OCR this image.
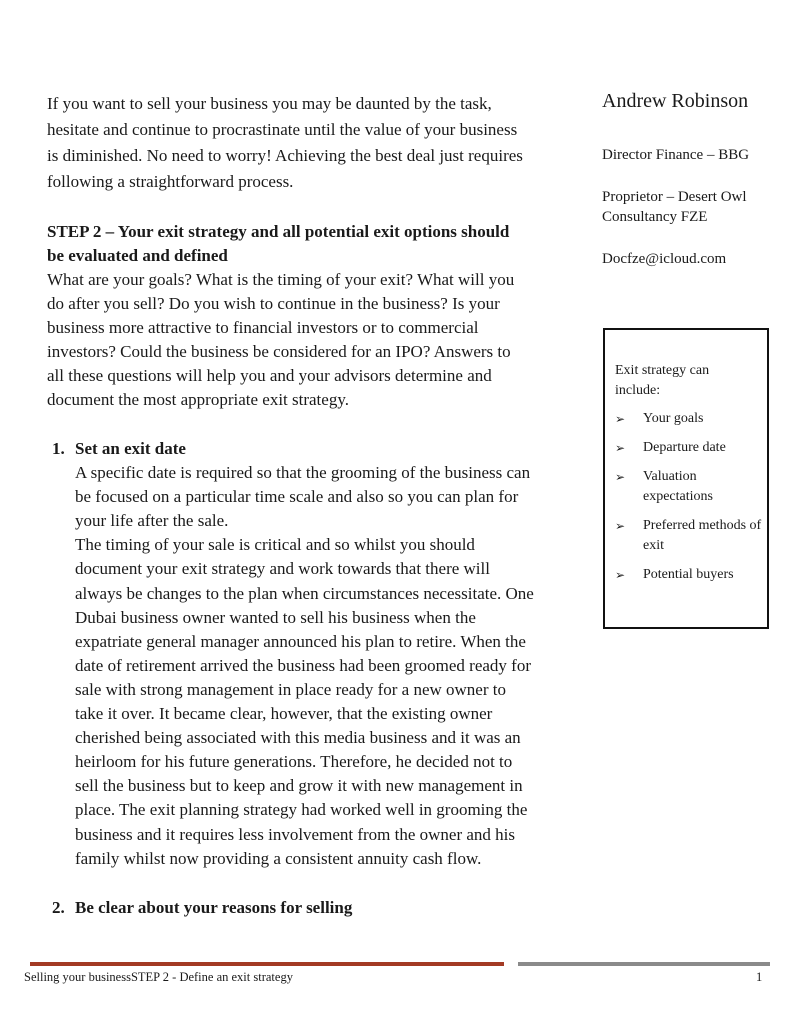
If you want to sell your business you may be daunted by the task,
hesitate and continue to procrastinate until the value of your business
is diminished. No need to worry! Achieving the best deal just requires
following a straightforward process.
STEP 2 – Your exit strategy and all potential exit options should
be evaluated and defined
What are your goals? What is the timing of your exit? What will you
do after you sell? Do you wish to continue in the business? Is your
business more attractive to financial investors or to commercial
investors? Could the business be considered for an IPO? Answers to
all these questions will help you and your advisors determine and
document the most appropriate exit strategy.
1. Set an exit date
A specific date is required so that the grooming of the business can
be focused on a particular time scale and also so you can plan for
your life after the sale.
The timing of your sale is critical and so whilst you should
document your exit strategy and work towards that there will
always be changes to the plan when circumstances necessitate. One
Dubai business owner wanted to sell his business when the
expatriate general manager announced his plan to retire. When the
date of retirement arrived the business had been groomed ready for
sale with strong management in place ready for a new owner to
take it over. It became clear, however, that the existing owner
cherished being associated with this media business and it was an
heirloom for his future generations. Therefore, he decided not to
sell the business but to keep and grow it with new management in
place. The exit planning strategy had worked well in grooming the
business and it requires less involvement from the owner and his
family whilst now providing a consistent annuity cash flow.
2. Be clear about your reasons for selling
Andrew Robinson
Director Finance – BBG
Proprietor – Desert Owl
Consultancy FZE
Docfze@icloud.com
Exit strategy can
include:
➢	Your goals
➢	Departure date
➢	Valuation expectations
➢	Preferred methods of exit
➢	Potential buyers
Selling your businessSTEP 2 - Define an exit strategy	1
